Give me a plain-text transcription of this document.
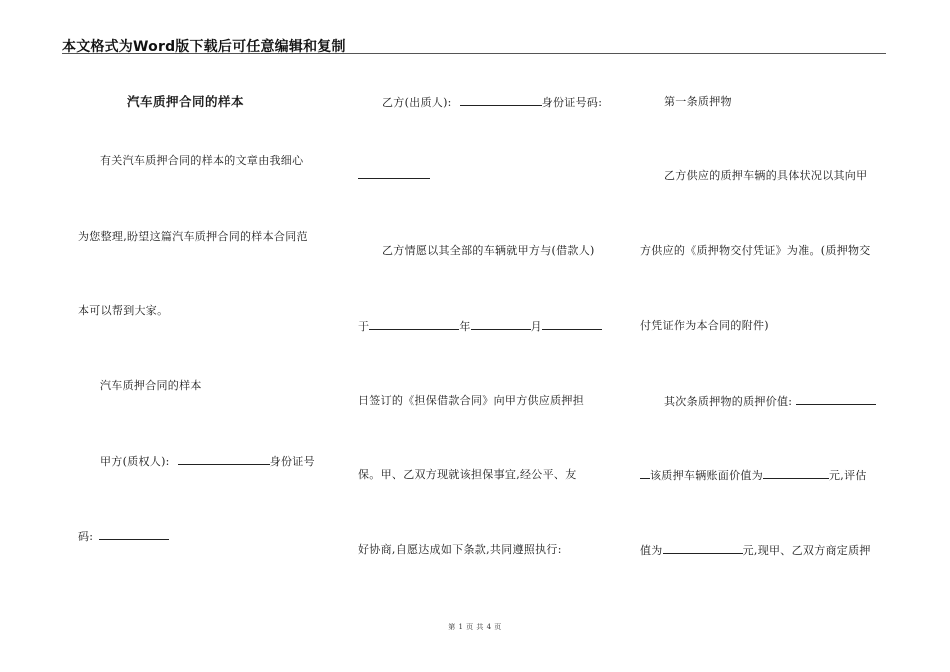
本文格式为Word版下载后可任意编辑和复制
汽车质押合同的样本
有关汽车质押合同的样本的文章由我细心
为您整理,盼望这篇汽车质押合同的样本合同范
本可以帮到大家。
汽车质押合同的样本
甲方(质权人):	身份证号
码:
乙方(出质人):	身份证号码:
乙方情愿以其全部的车辆就甲方与(借款人)
于	年	月
日签订的《担保借款合同》向甲方供应质押担
保。甲、乙双方现就该担保事宜,经公平、友
好协商,自愿达成如下条款,共同遵照执行:
第一条质押物
乙方供应的质押车辆的具体状况以其向甲
方供应的《质押物交付凭证》为准。(质押物交
付凭证作为本合同的附件)
其次条质押物的质押价值:
该质押车辆账面价值为	元,评估
值为	元,现甲、乙双方商定质押
第 1 页 共 4 页
